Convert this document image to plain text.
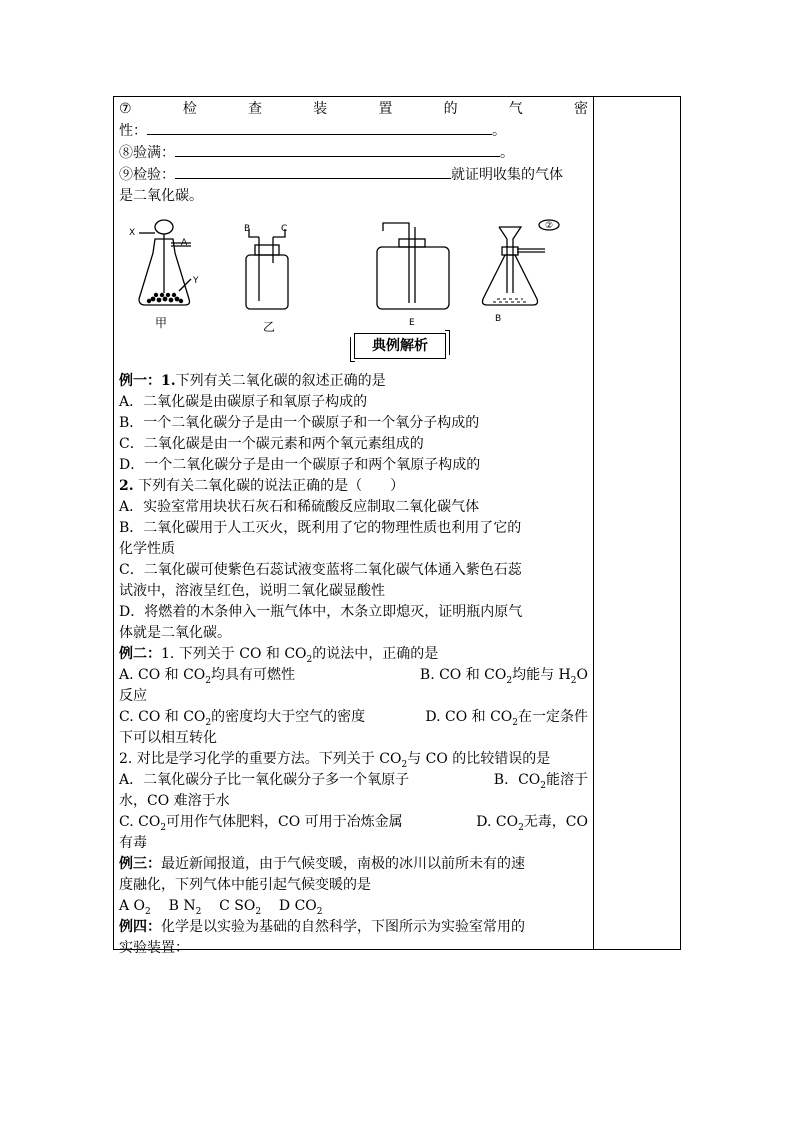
⑦	检	查	装	置	的	气	密
性：	。
⑧验满：	。
⑨检验：	就证明收集的气体
是二氧化碳。
X
A
Y
B	C	②
B
E
甲	乙
典例解析
例一：1.下列有关二氧化碳的叙述正确的是
A．二氧化碳是由碳原子和氧原子构成的
B．一个二氧化碳分子是由一个碳原子和一个氧分子构成的
C．二氧化碳是由一个碳元素和两个氧元素组成的
D．一个二氧化碳分子是由一个碳原子和两个氧原子构成的
2. 下列有关二氧化碳的说法正确的是（　　）
A．实验室常用块状石灰石和稀硫酸反应制取二氧化碳气体
B．二氧化碳用于人工灭火，既利用了它的物理性质也利用了它的
化学性质
C．二氧化碳可使紫色石蕊试液变蓝将二氧化碳气体通入紫色石蕊
试液中，溶液呈红色，说明二氧化碳显酸性
D．将燃着的木条伸入一瓶气体中，木条立即熄灭，证明瓶内原气
体就是二氧化碳。
例二：1. 下列关于 CO 和 $CO_2$的说法中，正确的是
A. CO 和 $CO_2$均具有可燃性	B. CO 和 $CO_2$均能与 $H_2O$
反应
C. CO 和 $CO_2$的密度均大于空气的密度	D. CO 和 $CO_2$在一定条件
下可以相互转化
2. 对比是学习化学的重要方法。下列关于 $CO_2$与 CO 的比较错误的是
A．二氧化碳分子比一氧化碳分子多一个氧原子	B．$CO_2$能溶于
水，CO 难溶于水
C. $CO_2$可用作气体肥料，CO 可用于冶炼金属	D. $CO_2$无毒，CO
有毒
例三：最近新闻报道，由于气候变暖，南极的冰川以前所未有的速
度融化，下列气体中能引起气候变暖的是
A $O_2$ B $N_2$ C $SO_2$ D $CO_2$
例四：化学是以实验为基础的自然科学，下图所示为实验室常用的
实验装置：
